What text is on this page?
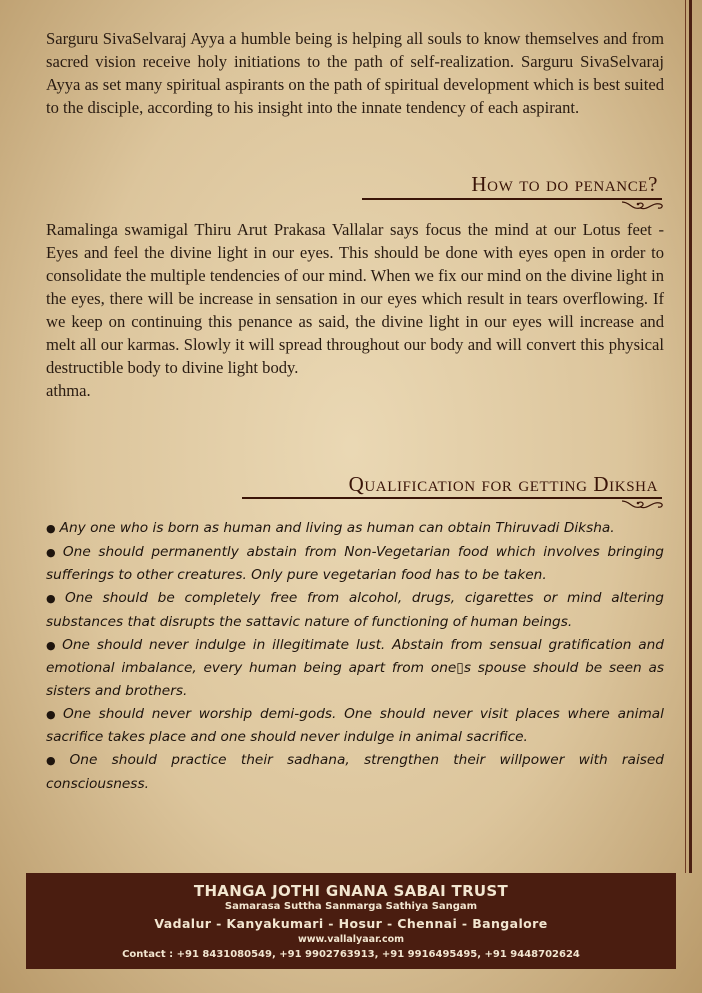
Sarguru SivaSelvaraj Ayya a humble being is helping all souls to know themselves and from sacred vision receive holy initiations to the path of self-realization. Sarguru SivaSelvaraj Ayya as set many spiritual aspirants on the path of spiritual development which is best suited to the disciple, according to his insight into the innate tendency of each aspirant.

How to do penance?

Ramalinga swamigal Thiru Arut Prakasa Vallalar says focus the mind at our Lotus feet - Eyes and feel the divine light in our eyes. This should be done with eyes open in order to consolidate the multiple tendencies of our mind. When we fix our mind on the divine light in the eyes, there will be increase in sensation in our eyes which result in tears overflowing. If we keep on continuing this penance as said, the divine light in our eyes will increase and melt all our karmas. Slowly it will spread throughout our body and will convert this physical destructible body to divine light body.

athma.

Qualification for getting Diksha
● Any one who is born as human and living as human can obtain Thiruvadi Diksha.
● One should permanently abstain from Non-Vegetarian food which involves bringing sufferings to other creatures. Only pure vegetarian food has to be taken.
● One should be completely free from alcohol, drugs, cigarettes or mind altering substances that disrupts the sattavic nature of functioning of human beings.
● One should never indulge in illegitimate lust. Abstain from sensual gratification and emotional imbalance, every human being apart from one▯s spouse should be seen as sisters and brothers.
● One should never worship demi-gods. One should never visit places where animal sacrifice takes place and one should never indulge in animal sacrifice.
● One should practice their sadhana, strengthen their willpower with raised consciousness.
THANGA JOTHI GNANA SABAI TRUST
Samarasa Suttha Sanmarga Sathiya Sangam
Vadalur - Kanyakumari - Hosur - Chennai - Bangalore
www.vallalyaar.com
Contact : +91 8431080549, +91 9902763913, +91 9916495495, +91 9448702624
